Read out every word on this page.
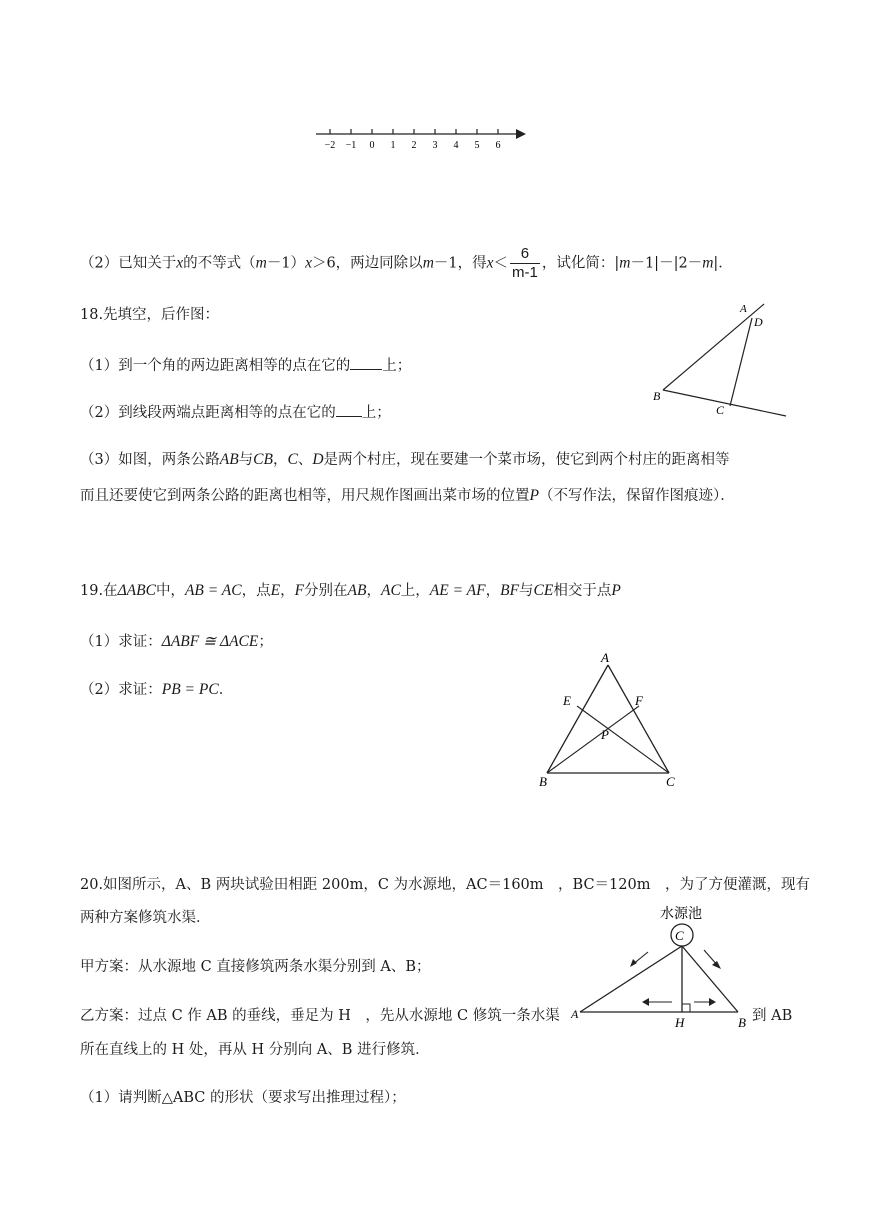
−2 −1 0 1 2 3 4 5 6
（2）已知关于x的不等式（m－1）x＞6，两边同除以m－1，得$x< \frac{6}{m-1}$ ，试化简：|m－1|－|2－m|．
18.先填空，后作图：
（1）到一个角的两边距离相等的点在它的 上；
（2）到线段两端点距离相等的点在它的 上；
（3）如图，两条公路AB与CB，C、D是两个村庄，现在要建一个菜市场，使它到两个村庄的距离相等
而且还要使它到两条公路的距离也相等，用尺规作图画出菜市场的位置P（不写作法，保留作图痕迹）．
A
D
B
C
19.在ΔABC中，AB = AC，点E，F分别在AB，AC上，AE = AF，BF与CE相交于点P
（1）求证：ΔABF ≅ ΔACE；
（2）求证：PB = PC．
A
E	F
P
B	C
20.如图所示，A、B 两块试验田相距 200m，C 为水源地，AC＝160m　，BC＝120m　，为了方便灌溉，现有
两种方案修筑水渠．
甲方案：从水源地 C 直接修筑两条水渠分别到 A、B；
乙方案：过点 C 作 AB 的垂线，垂足为 H　，先从水源地 C 修筑一条水渠	到 AB
所在直线上的 H 处，再从 H 分别向 A、B 进行修筑．
（1）请判断△ABC 的形状（要求写出推理过程）；
水源池
C
A
H	B
